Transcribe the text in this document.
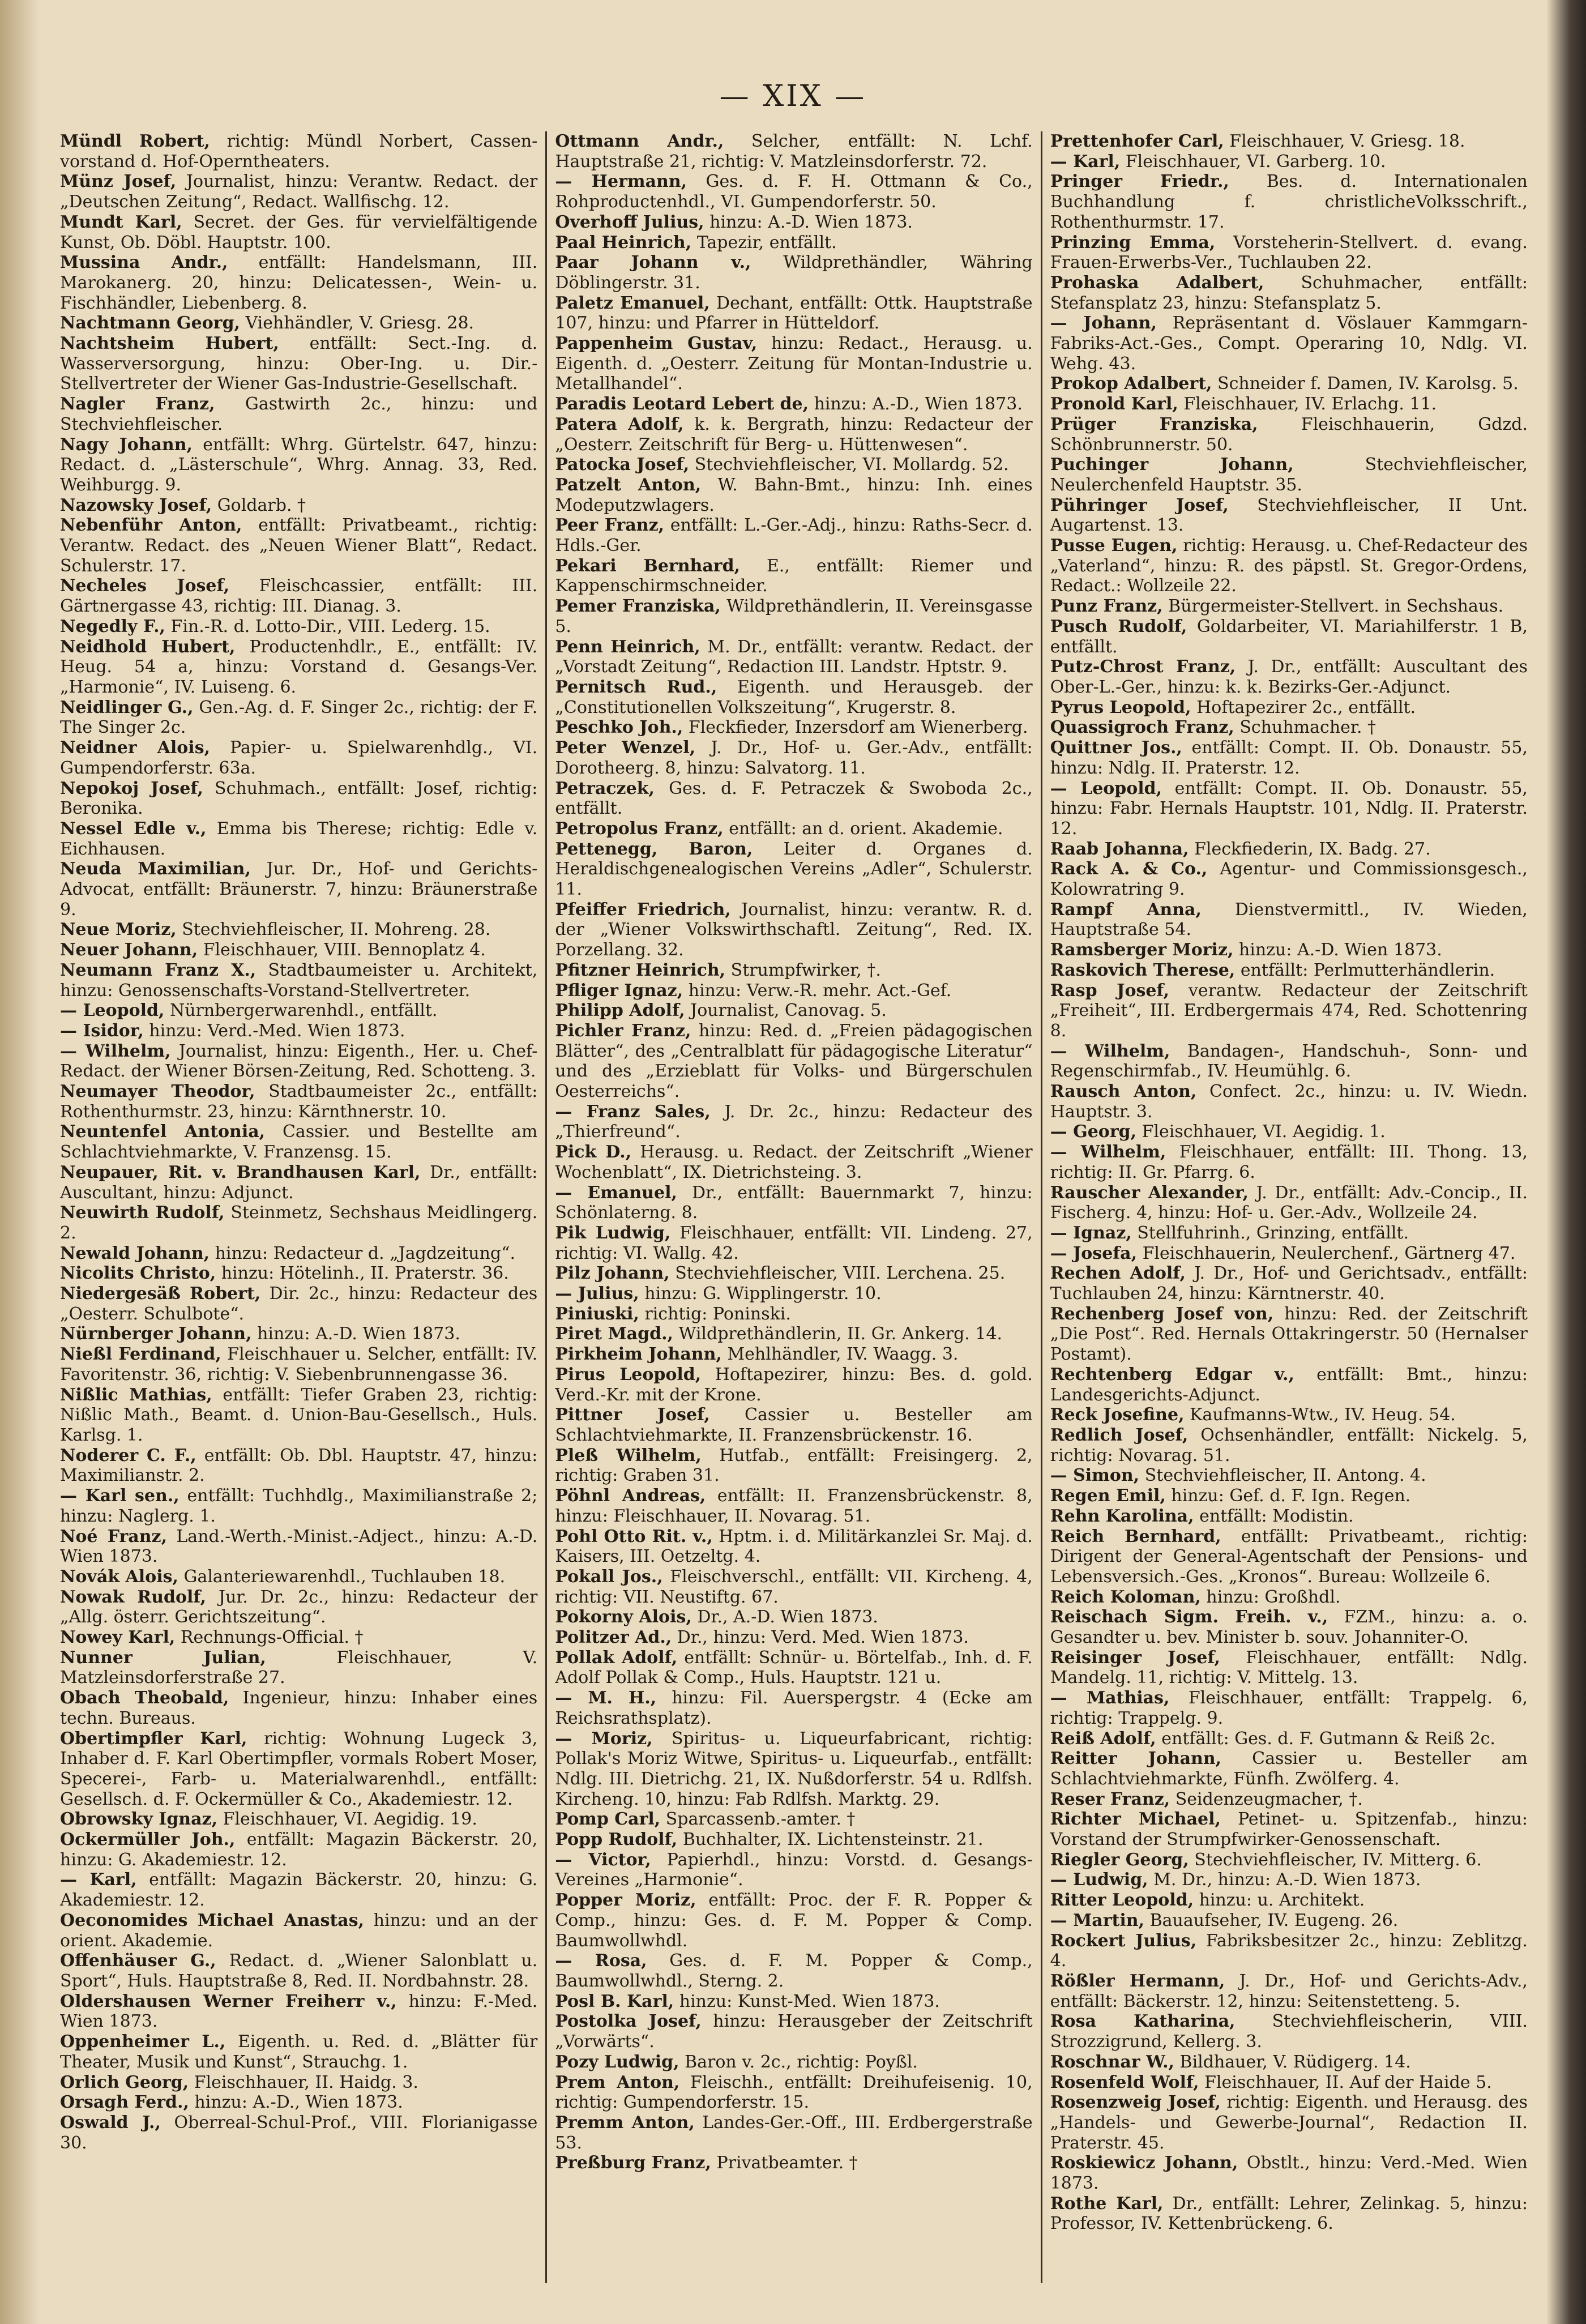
— XIX —

Mündl Robert, richtig: Mündl Norbert, Cassen-vorstand d. Hof-Operntheaters.

Münz Josef, Journalist, hinzu: Verantw. Redact. der „Deutschen Zeitung“, Redact. Wallfischg. 12.

Mundt Karl, Secret. der Ges. für vervielfältigende Kunst, Ob. Döbl. Hauptstr. 100.

Mussina Andr., entfällt: Handelsmann, III. Marokanerg. 20, hinzu: Delicatessen-, Wein- u. Fischhändler, Liebenberg. 8.

Nachtmann Georg, Viehhändler, V. Griesg. 28.

Nachtsheim Hubert, entfällt: Sect.-Ing. d. Wasserversorgung, hinzu: Ober-Ing. u. Dir.-Stellvertreter der Wiener Gas-Industrie-Gesellschaft.

Nagler Franz, Gastwirth 2c., hinzu: und Stechviehfleischer.

Nagy Johann, entfällt: Whrg. Gürtelstr. 647, hinzu: Redact. d. „Lästerschule“, Whrg. Annag. 33, Red. Weihburgg. 9.

Nazowsky Josef, Goldarb. †

Nebenführ Anton, entfällt: Privatbeamt., richtig: Verantw. Redact. des „Neuen Wiener Blatt“, Redact. Schulerstr. 17.

Necheles Josef, Fleischcassier, entfällt: III. Gärtnergasse 43, richtig: III. Dianag. 3.

Negedly F., Fin.-R. d. Lotto-Dir., VIII. Lederg. 15.

Neidhold Hubert, Productenhdlr., E., entfällt: IV. Heug. 54 a, hinzu: Vorstand d. Gesangs-Ver. „Harmonie“, IV. Luiseng. 6.

Neidlinger G., Gen.-Ag. d. F. Singer 2c., richtig: der F. The Singer 2c.

Neidner Alois, Papier- u. Spielwarenhdlg., VI. Gumpendorferstr. 63a.

Nepokoj Josef, Schuhmach., entfällt: Josef, richtig: Beronika.

Nessel Edle v., Emma bis Therese; richtig: Edle v. Eichhausen.

Neuda Maximilian, Jur. Dr., Hof- und Gerichts-Advocat, entfällt: Bräunerstr. 7, hinzu: Bräunerstraße 9.

Neue Moriz, Stechviehfleischer, II. Mohreng. 28.

Neuer Johann, Fleischhauer, VIII. Bennoplatz 4.

Neumann Franz X., Stadtbaumeister u. Architekt, hinzu: Genossenschafts-Vorstand-Stellvertreter.

— Leopold, Nürnbergerwarenhdl., entfällt.

— Isidor, hinzu: Verd.-Med. Wien 1873.

— Wilhelm, Journalist, hinzu: Eigenth., Her. u. Chef-Redact. der Wiener Börsen-Zeitung, Red. Schotteng. 3.

Neumayer Theodor, Stadtbaumeister 2c., entfällt: Rothenthurmstr. 23, hinzu: Kärnthnerstr. 10.

Neuntenfel Antonia, Cassier. und Bestellte am Schlachtviehmarkte, V. Franzensg. 15.

Neupauer, Rit. v. Brandhausen Karl, Dr., entfällt: Auscultant, hinzu: Adjunct.

Neuwirth Rudolf, Steinmetz, Sechshaus Meidlingerg. 2.

Newald Johann, hinzu: Redacteur d. „Jagdzeitung“.

Nicolits Christo, hinzu: Hötelinh., II. Praterstr. 36.

Niedergesäß Robert, Dir. 2c., hinzu: Redacteur des „Oesterr. Schulbote“.

Nürnberger Johann, hinzu: A.-D. Wien 1873.

Nießl Ferdinand, Fleischhauer u. Selcher, entfällt: IV. Favoritenstr. 36, richtig: V. Siebenbrunnengasse 36.

Nißlic Mathias, entfällt: Tiefer Graben 23, richtig: Nißlic Math., Beamt. d. Union-Bau-Gesellsch., Huls. Karlsg. 1.

Noderer C. F., entfällt: Ob. Dbl. Hauptstr. 47, hinzu: Maximilianstr. 2.

— Karl sen., entfällt: Tuchhdlg., Maximilianstraße 2; hinzu: Naglerg. 1.

Noé Franz, Land.-Werth.-Minist.-Adject., hinzu: A.-D. Wien 1873.

Novák Alois, Galanteriewarenhdl., Tuchlauben 18.

Nowak Rudolf, Jur. Dr. 2c., hinzu: Redacteur der „Allg. österr. Gerichtszeitung“.

Nowey Karl, Rechnungs-Official. †

Nunner Julian, Fleischhauer, V. Matzleinsdorferstraße 27.

Obach Theobald, Ingenieur, hinzu: Inhaber eines techn. Bureaus.

Obertimpfler Karl, richtig: Wohnung Lugeck 3, Inhaber d. F. Karl Obertimpfler, vormals Robert Moser, Specerei-, Farb- u. Materialwarenhdl., entfällt: Gesellsch. d. F. Ockermüller & Co., Akademiestr. 12.

Obrowsky Ignaz, Fleischhauer, VI. Aegidig. 19.

Ockermüller Joh., entfällt: Magazin Bäckerstr. 20, hinzu: G. Akademiestr. 12.

— Karl, entfällt: Magazin Bäckerstr. 20, hinzu: G. Akademiestr. 12.

Oeconomides Michael Anastas, hinzu: und an der orient. Akademie.

Offenhäuser G., Redact. d. „Wiener Salonblatt u. Sport“, Huls. Hauptstraße 8, Red. II. Nordbahnstr. 28.

Oldershausen Werner Freiherr v., hinzu: F.-Med. Wien 1873.

Oppenheimer L., Eigenth. u. Red. d. „Blätter für Theater, Musik und Kunst“, Strauchg. 1.

Orlich Georg, Fleischhauer, II. Haidg. 3.

Orsagh Ferd., hinzu: A.-D., Wien 1873.

Oswald J., Oberreal-Schul-Prof., VIII. Florianigasse 30.

Ottmann Andr., Selcher, entfällt: N. Lchf. Hauptstraße 21, richtig: V. Matzleinsdorferstr. 72.

— Hermann, Ges. d. F. H. Ottmann & Co., Rohproductenhdl., VI. Gumpendorferstr. 50.

Overhoff Julius, hinzu: A.-D. Wien 1873.

Paal Heinrich, Tapezir, entfällt.

Paar Johann v., Wildprethändler, Währing Döblingerstr. 31.

Paletz Emanuel, Dechant, entfällt: Ottk. Hauptstraße 107, hinzu: und Pfarrer in Hütteldorf.

Pappenheim Gustav, hinzu: Redact., Herausg. u. Eigenth. d. „Oesterr. Zeitung für Montan-Industrie u. Metallhandel“.

Paradis Leotard Lebert de, hinzu: A.-D., Wien 1873.

Patera Adolf, k. k. Bergrath, hinzu: Redacteur der „Oesterr. Zeitschrift für Berg- u. Hüttenwesen“.

Patocka Josef, Stechviehfleischer, VI. Mollardg. 52.

Patzelt Anton, W. Bahn-Bmt., hinzu: Inh. eines Modeputzwlagers.

Peer Franz, entfällt: L.-Ger.-Adj., hinzu: Raths-Secr. d. Hdls.-Ger.

Pekari Bernhard, E., entfällt: Riemer und Kappenschirmschneider.

Pemer Franziska, Wildprethändlerin, II. Vereinsgasse 5.

Penn Heinrich, M. Dr., entfällt: verantw. Redact. der „Vorstadt Zeitung“, Redaction III. Landstr. Hptstr. 9.

Pernitsch Rud., Eigenth. und Herausgeb. der „Constitutionellen Volkszeitung“, Krugerstr. 8.

Peschko Joh., Fleckfieder, Inzersdorf am Wienerberg.

Peter Wenzel, J. Dr., Hof- u. Ger.-Adv., entfällt: Dorotheerg. 8, hinzu: Salvatorg. 11.

Petraczek, Ges. d. F. Petraczek & Swoboda 2c., entfällt.

Petropolus Franz, entfällt: an d. orient. Akademie.

Pettenegg, Baron, Leiter d. Organes d. Heraldischgenealogischen Vereins „Adler“, Schulerstr. 11.

Pfeiffer Friedrich, Journalist, hinzu: verantw. R. d. der „Wiener Volkswirthschaftl. Zeitung“, Red. IX. Porzellang. 32.

Pfitzner Heinrich, Strumpfwirker, †.

Pfliger Ignaz, hinzu: Verw.-R. mehr. Act.-Gef.

Philipp Adolf, Journalist, Canovag. 5.

Pichler Franz, hinzu: Red. d. „Freien pädagogischen Blätter“, des „Centralblatt für pädagogische Literatur“ und des „Erzieblatt für Volks- und Bürgerschulen Oesterreichs“.

— Franz Sales, J. Dr. 2c., hinzu: Redacteur des „Thierfreund“.

Pick D., Herausg. u. Redact. der Zeitschrift „Wiener Wochenblatt“, IX. Dietrichsteing. 3.

— Emanuel, Dr., entfällt: Bauernmarkt 7, hinzu: Schönlaterng. 8.

Pik Ludwig, Fleischhauer, entfällt: VII. Lindeng. 27, richtig: VI. Wallg. 42.

Pilz Johann, Stechviehfleischer, VIII. Lerchena. 25.

— Julius, hinzu: G. Wipplingerstr. 10.

Piniuski, richtig: Poninski.

Piret Magd., Wildprethändlerin, II. Gr. Ankerg. 14.

Pirkheim Johann, Mehlhändler, IV. Waagg. 3.

Pirus Leopold, Hoftapezirer, hinzu: Bes. d. gold. Verd.-Kr. mit der Krone.

Pittner Josef, Cassier u. Besteller am Schlachtviehmarkte, II. Franzensbrückenstr. 16.

Pleß Wilhelm, Hutfab., entfällt: Freisingerg. 2, richtig: Graben 31.

Pöhnl Andreas, entfällt: II. Franzensbrückenstr. 8, hinzu: Fleischhauer, II. Novarag. 51.

Pohl Otto Rit. v., Hptm. i. d. Militärkanzlei Sr. Maj. d. Kaisers, III. Oetzeltg. 4.

Pokall Jos., Fleischverschl., entfällt: VII. Kircheng. 4, richtig: VII. Neustiftg. 67.

Pokorny Alois, Dr., A.-D. Wien 1873.

Politzer Ad., Dr., hinzu: Verd. Med. Wien 1873.

Pollak Adolf, entfällt: Schnür- u. Börtelfab., Inh. d. F. Adolf Pollak & Comp., Huls. Hauptstr. 121 u.

— M. H., hinzu: Fil. Auerspergstr. 4 (Ecke am Reichsrathsplatz).

— Moriz, Spiritus- u. Liqueurfabricant, richtig: Pollak's Moriz Witwe, Spiritus- u. Liqueurfab., entfällt: Ndlg. III. Dietrichg. 21, IX. Nußdorferstr. 54 u. Rdlfsh. Kircheng. 10, hinzu: Fab Rdlfsh. Marktg. 29.

Pomp Carl, Sparcassenb.-amter. †

Popp Rudolf, Buchhalter, IX. Lichtensteinstr. 21.

— Victor, Papierhdl., hinzu: Vorstd. d. Gesangs-Vereines „Harmonie“.

Popper Moriz, entfällt: Proc. der F. R. Popper & Comp., hinzu: Ges. d. F. M. Popper & Comp. Baumwollwhdl.

— Rosa, Ges. d. F. M. Popper & Comp., Baumwollwhdl., Sterng. 2.

Posl B. Karl, hinzu: Kunst-Med. Wien 1873.

Postolka Josef, hinzu: Herausgeber der Zeitschrift „Vorwärts“.

Pozy Ludwig, Baron v. 2c., richtig: Poyßl.

Prem Anton, Fleischh., entfällt: Dreihufeisenig. 10, richtig: Gumpendorferstr. 15.

Premm Anton, Landes-Ger.-Off., III. Erdbergerstraße 53.

Preßburg Franz, Privatbeamter. †

Prettenhofer Carl, Fleischhauer, V. Griesg. 18.

— Karl, Fleischhauer, VI. Garberg. 10.

Pringer Friedr., Bes. d. Internationalen Buchhandlung f. christlicheVolksschrift., Rothenthurmstr. 17.

Prinzing Emma, Vorsteherin-Stellvert. d. evang. Frauen-Erwerbs-Ver., Tuchlauben 22.

Prohaska Adalbert, Schuhmacher, entfällt: Stefansplatz 23, hinzu: Stefansplatz 5.

— Johann, Repräsentant d. Vöslauer Kammgarn-Fabriks-Act.-Ges., Compt. Operaring 10, Ndlg. VI. Wehg. 43.

Prokop Adalbert, Schneider f. Damen, IV. Karolsg. 5.

Pronold Karl, Fleischhauer, IV. Erlachg. 11.

Prüger Franziska, Fleischhauerin, Gdzd. Schönbrunnerstr. 50.

Puchinger Johann, Stechviehfleischer, Neulerchenfeld Hauptstr. 35.

Pühringer Josef, Stechviehfleischer, II Unt. Augartenst. 13.

Pusse Eugen, richtig: Herausg. u. Chef-Redacteur des „Vaterland“, hinzu: R. des päpstl. St. Gregor-Ordens, Redact.: Wollzeile 22.

Punz Franz, Bürgermeister-Stellvert. in Sechshaus.

Pusch Rudolf, Goldarbeiter, VI. Mariahilferstr. 1 B, entfällt.

Putz-Chrost Franz, J. Dr., entfällt: Auscultant des Ober-L.-Ger., hinzu: k. k. Bezirks-Ger.-Adjunct.

Pyrus Leopold, Hoftapezirer 2c., entfällt.

Quassigroch Franz, Schuhmacher. †

Quittner Jos., entfällt: Compt. II. Ob. Donaustr. 55, hinzu: Ndlg. II. Praterstr. 12.

— Leopold, entfällt: Compt. II. Ob. Donaustr. 55, hinzu: Fabr. Hernals Hauptstr. 101, Ndlg. II. Praterstr. 12.

Raab Johanna, Fleckfiederin, IX. Badg. 27.

Rack A. & Co., Agentur- und Commissionsgesch., Kolowratring 9.

Rampf Anna, Dienstvermittl., IV. Wieden, Hauptstraße 54.

Ramsberger Moriz, hinzu: A.-D. Wien 1873.

Raskovich Therese, entfällt: Perlmutterhändlerin.

Rasp Josef, verantw. Redacteur der Zeitschrift „Freiheit“, III. Erdbergermais 474, Red. Schottenring 8.

— Wilhelm, Bandagen-, Handschuh-, Sonn- und Regenschirmfab., IV. Heumühlg. 6.

Rausch Anton, Confect. 2c., hinzu: u. IV. Wiedn. Hauptstr. 3.

— Georg, Fleischhauer, VI. Aegidig. 1.

— Wilhelm, Fleischhauer, entfällt: III. Thong. 13, richtig: II. Gr. Pfarrg. 6.

Rauscher Alexander, J. Dr., entfällt: Adv.-Concip., II. Fischerg. 4, hinzu: Hof- u. Ger.-Adv., Wollzeile 24.

— Ignaz, Stellfuhrinh., Grinzing, entfällt.

— Josefa, Fleischhauerin, Neulerchenf., Gärtnerg 47.

Rechen Adolf, J. Dr., Hof- und Gerichtsadv., entfällt: Tuchlauben 24, hinzu: Kärntnerstr. 40.

Rechenberg Josef von, hinzu: Red. der Zeitschrift „Die Post“. Red. Hernals Ottakringerstr. 50 (Hernalser Postamt).

Rechtenberg Edgar v., entfällt: Bmt., hinzu: Landesgerichts-Adjunct.

Reck Josefine, Kaufmanns-Wtw., IV. Heug. 54.

Redlich Josef, Ochsenhändler, entfällt: Nickelg. 5, richtig: Novarag. 51.

— Simon, Stechviehfleischer, II. Antong. 4.

Regen Emil, hinzu: Gef. d. F. Ign. Regen.

Rehn Karolina, entfällt: Modistin.

Reich Bernhard, entfällt: Privatbeamt., richtig: Dirigent der General-Agentschaft der Pensions- und Lebensversich.-Ges. „Kronos“. Bureau: Wollzeile 6.

Reich Koloman, hinzu: Großhdl.

Reischach Sigm. Freih. v., FZM., hinzu: a. o. Gesandter u. bev. Minister b. souv. Johanniter-O.

Reisinger Josef, Fleischhauer, entfällt: Ndlg. Mandelg. 11, richtig: V. Mittelg. 13.

— Mathias, Fleischhauer, entfällt: Trappelg. 6, richtig: Trappelg. 9.

Reiß Adolf, entfällt: Ges. d. F. Gutmann & Reiß 2c.

Reitter Johann, Cassier u. Besteller am Schlachtviehmarkte, Fünfh. Zwölferg. 4.

Reser Franz, Seidenzeugmacher, †.

Richter Michael, Petinet- u. Spitzenfab., hinzu: Vorstand der Strumpfwirker-Genossenschaft.

Riegler Georg, Stechviehfleischer, IV. Mitterg. 6.

— Ludwig, M. Dr., hinzu: A.-D. Wien 1873.

Ritter Leopold, hinzu: u. Architekt.

— Martin, Bauaufseher, IV. Eugeng. 26.

Rockert Julius, Fabriksbesitzer 2c., hinzu: Zeblitzg. 4.

Rößler Hermann, J. Dr., Hof- und Gerichts-Adv., entfällt: Bäckerstr. 12, hinzu: Seitenstetteng. 5.

Rosa Katharina, Stechviehfleischerin, VIII. Strozzigrund, Kellerg. 3.

Roschnar W., Bildhauer, V. Rüdigerg. 14.

Rosenfeld Wolf, Fleischhauer, II. Auf der Haide 5.

Rosenzweig Josef, richtig: Eigenth. und Herausg. des „Handels- und Gewerbe-Journal“, Redaction II. Praterstr. 45.

Roskiewicz Johann, Obstlt., hinzu: Verd.-Med. Wien 1873.

Rothe Karl, Dr., entfällt: Lehrer, Zelinkag. 5, hinzu: Professor, IV. Kettenbrückeng. 6.
